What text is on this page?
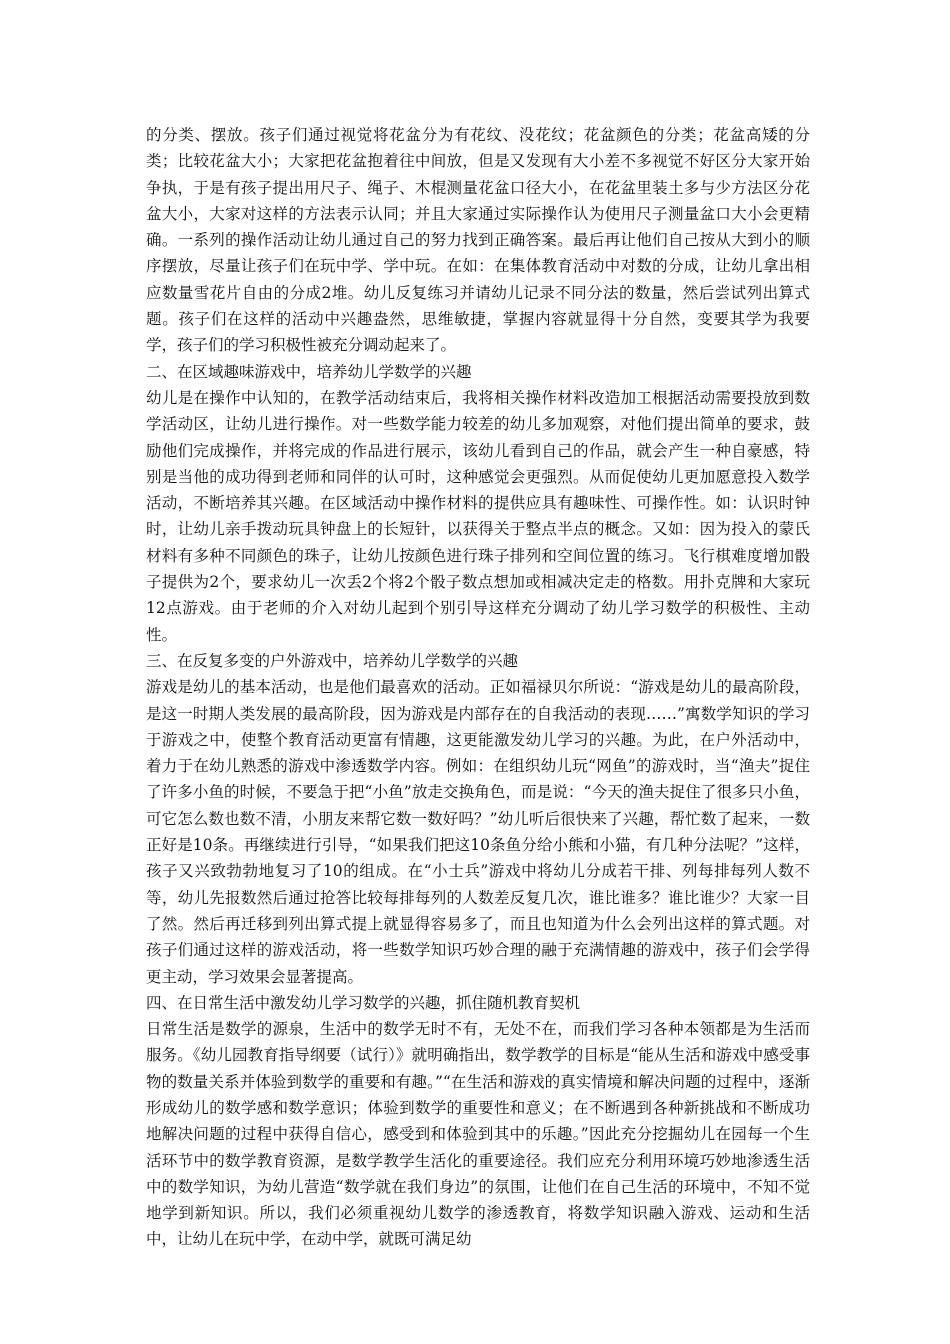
的分类、摆放。孩子们通过视觉将花盆分为有花纹、没花纹；花盆颜色的分类；花盆高矮的分类；比较花盆大小；大家把花盆抱着往中间放，但是又发现有大小差不多视觉不好区分大家开始争执，于是有孩子提出用尺子、绳子、木棍测量花盆口径大小，在花盆里装土多与少方法区分花盆大小，大家对这样的方法表示认同；并且大家通过实际操作认为使用尺子测量盆口大小会更精确。一系列的操作活动让幼儿通过自己的努力找到正确答案。最后再让他们自己按从大到小的顺序摆放，尽量让孩子们在玩中学、学中玩。在如：在集体教育活动中对数的分成，让幼儿拿出相应数量雪花片自由的分成2堆。幼儿反复练习并请幼儿记录不同分法的数量，然后尝试列出算式题。孩子们在这样的活动中兴趣盎然，思维敏捷，掌握内容就显得十分自然，变要其学为我要学，孩子们的学习积极性被充分调动起来了。

二、在区域趣味游戏中，培养幼儿学数学的兴趣

幼儿是在操作中认知的，在教学活动结束后，我将相关操作材料改造加工根据活动需要投放到数学活动区，让幼儿进行操作。对一些数学能力较差的幼儿多加观察，对他们提出简单的要求，鼓励他们完成操作，并将完成的作品进行展示，该幼儿看到自己的作品，就会产生一种自豪感，特别是当他的成功得到老师和同伴的认可时，这种感觉会更强烈。从而促使幼儿更加愿意投入数学活动，不断培养其兴趣。在区域活动中操作材料的提供应具有趣味性、可操作性。如：认识时钟时，让幼儿亲手拨动玩具钟盘上的长短针，以获得关于整点半点的概念。又如：因为投入的蒙氏材料有多种不同颜色的珠子，让幼儿按颜色进行珠子排列和空间位置的练习。飞行棋难度增加骰子提供为2个，要求幼儿一次丢2个将2个骰子数点想加或相减决定走的格数。用扑克牌和大家玩12点游戏。由于老师的介入对幼儿起到个别引导这样充分调动了幼儿学习数学的积极性、主动性。

三、在反复多变的户外游戏中，培养幼儿学数学的兴趣

游戏是幼儿的基本活动，也是他们最喜欢的活动。正如福禄贝尔所说：“游戏是幼儿的最高阶段，是这一时期人类发展的最高阶段，因为游戏是内部存在的自我活动的表现……”寓数学知识的学习于游戏之中，使整个教育活动更富有情趣，这更能激发幼儿学习的兴趣。为此，在户外活动中，着力于在幼儿熟悉的游戏中渗透数学内容。例如：在组织幼儿玩“网鱼”的游戏时，当“渔夫”捉住了许多小鱼的时候，不要急于把“小鱼”放走交换角色，而是说：“今天的渔夫捉住了很多只小鱼，可它怎么数也数不清，小朋友来帮它数一数好吗？”幼儿听后很快来了兴趣，帮忙数了起来，一数正好是10条。再继续进行引导，“如果我们把这10条鱼分给小熊和小猫，有几种分法呢？”这样，孩子又兴致勃勃地复习了10的组成。在“小士兵”游戏中将幼儿分成若干排、列每排每列人数不等，幼儿先报数然后通过抢答比较每排每列的人数差反复几次，谁比谁多？谁比谁少？大家一目了然。然后再迁移到列出算式提上就显得容易多了，而且也知道为什么会列出这样的算式题。对孩子们通过这样的游戏活动，将一些数学知识巧妙合理的融于充满情趣的游戏中，孩子们会学得更主动，学习效果会显著提高。

四、在日常生活中激发幼儿学习数学的兴趣，抓住随机教育契机

日常生活是数学的源泉，生活中的数学无时不有，无处不在，而我们学习各种本领都是为生活而服务。《幼儿园教育指导纲要（试行）》就明确指出，数学教学的目标是“能从生活和游戏中感受事物的数量关系并体验到数学的重要和有趣。”“在生活和游戏的真实情境和解决问题的过程中，逐渐形成幼儿的数学感和数学意识；体验到数学的重要性和意义；在不断遇到各种新挑战和不断成功地解决问题的过程中获得自信心，感受到和体验到其中的乐趣。”因此充分挖掘幼儿在园每一个生活环节中的数学教育资源，是数学教学生活化的重要途径。我们应充分利用环境巧妙地渗透生活中的数学知识，为幼儿营造“数学就在我们身边”的氛围，让他们在自己生活的环境中，不知不觉地学到新知识。所以，我们必须重视幼儿数学的渗透教育，将数学知识融入游戏、运动和生活中，让幼儿在玩中学，在动中学，就既可满足幼
